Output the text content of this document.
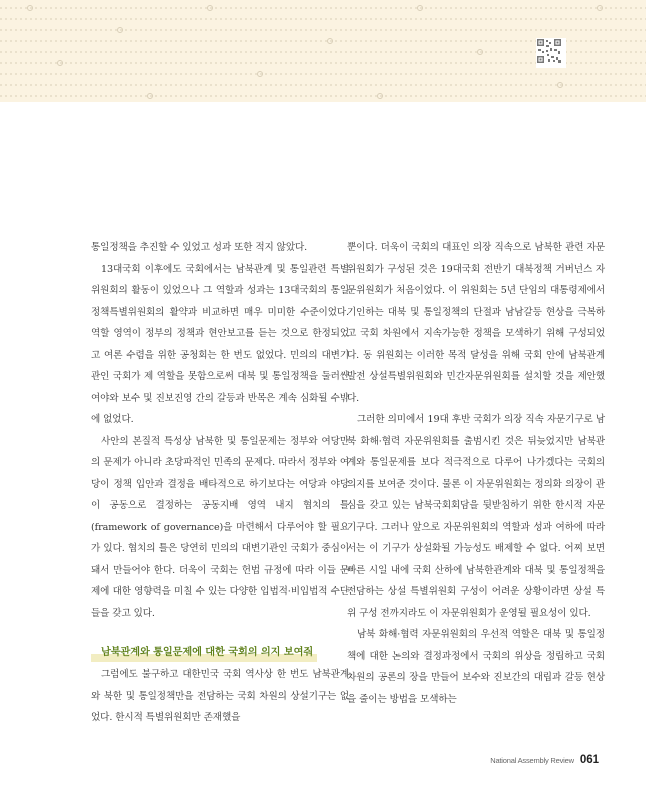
통일정책을 추진할 수 있었고 성과 또한 적지 않았다.

13대국회 이후에도 국회에서는 남북관계 및 통일관련 특별위원회의 활동이 있었으나 그 역할과 성과는 13대국회의 통일정책특별위원회의 활약과 비교하면 매우 미미한 수준이었다. 역할 영역이 정부의 정책과 현안보고를 듣는 것으로 한정되었고 여론 수렴을 위한 공청회는 한 번도 없었다. 민의의 대변기관인 국회가 제 역할을 못함으로써 대북 및 통일정책을 둘러싼 여야와 보수 및 진보진영 간의 갈등과 반목은 계속 심화될 수밖에 없었다.

사안의 본질적 특성상 남북한 및 통일문제는 정부와 여당만의 문제가 아니라 초당파적인 민족의 문제다. 따라서 정부와 여당이 정책 입안과 결정을 배타적으로 하기보다는 여당과 야당이 공동으로 결정하는 공동지배 영역 내지 협치의 틀(framework of governance)을 마련해서 다루어야 할 필요가 있다. 협치의 틀은 당연히 민의의 대변기관인 국회가 중심이 돼서 만들어야 한다. 더욱이 국회는 헌법 규정에 따라 이들 문제에 대한 영향력을 미칠 수 있는 다양한 입법적·비입법적 수단들을 갖고 있다.

남북관계와 통일문제에 대한 국회의 의지 보여줘

그럼에도 불구하고 대한민국 국회 역사상 한 번도 남북관계와 북한 및 통일정책만을 전담하는 국회 차원의 상설기구는 없었다. 한시적 특별위원회만 존재했을

뿐이다. 더욱이 국회의 대표인 의장 직속으로 남북한 관련 자문위원회가 구성된 것은 19대국회 전반기 대북정책 거버넌스 자문위원회가 처음이었다. 이 위원회는 5년 단임의 대통령제에서 기인하는 대북 및 통일정책의 단절과 남남갈등 현상을 극복하고 국회 차원에서 지속가능한 정책을 모색하기 위해 구성되었다. 동 위원회는 이러한 목적 달성을 위해 국회 안에 남북관계 발전 상설특별위원회와 민간자문위원회를 설치할 것을 제안했다.

그러한 의미에서 19대 후반 국회가 의장 직속 자문기구로 남북 화해·협력 자문위원회를 출범시킨 것은 뒤늦었지만 남북관계와 통일문제를 보다 적극적으로 다루어 나가겠다는 국회의 의지를 보여준 것이다. 물론 이 자문위원회는 정의화 의장이 관심을 갖고 있는 남북국회회담을 뒷받침하기 위한 한시적 자문기구다. 그러나 앞으로 자문위원회의 역할과 성과 여하에 따라서는 이 기구가 상설화될 가능성도 배제할 수 없다. 어찌 보면 빠른 시일 내에 국회 산하에 남북한관계와 대북 및 통일정책을 전담하는 상설 특별위원회 구성이 어려운 상황이라면 상설 특위 구성 전까지라도 이 자문위원회가 운영될 필요성이 있다.

남북 화해·협력 자문위원회의 우선적 역할은 대북 및 통일정책에 대한 논의와 결정과정에서 국회의 위상을 정립하고 국회 차원의 공론의 장을 만들어 보수와 진보간의 대립과 갈등 현상을 줄이는 방법을 모색하는

National Assembly Review 061
